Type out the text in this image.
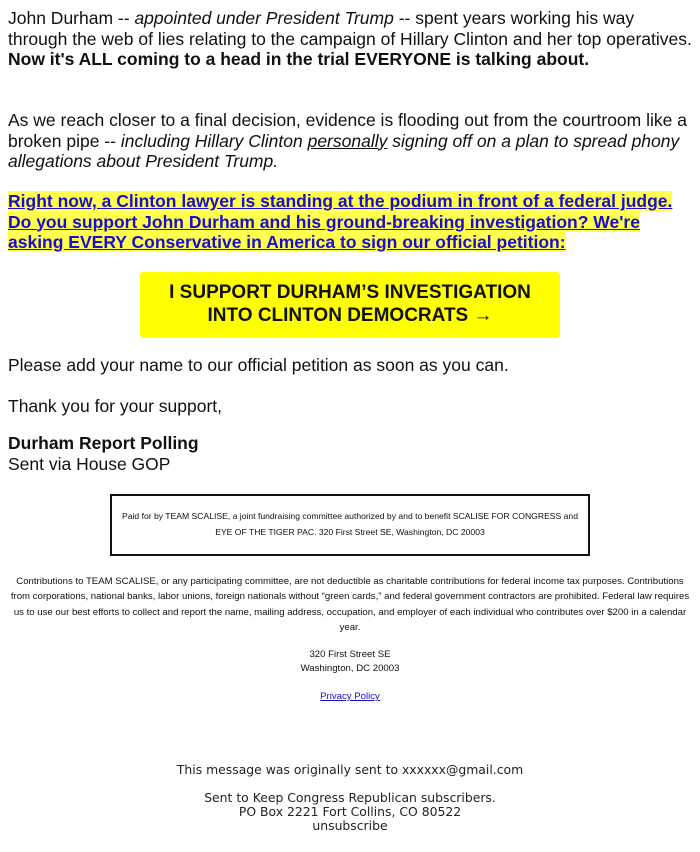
John Durham -- appointed under President Trump -- spent years working his way through the web of lies relating to the campaign of Hillary Clinton and her top operatives. Now it's ALL coming to a head in the trial EVERYONE is talking about.

As we reach closer to a final decision, evidence is flooding out from the courtroom like a broken pipe -- including Hillary Clinton personally signing off on a plan to spread phony allegations about President Trump.

Right now, a Clinton lawyer is standing at the podium in front of a federal judge. Do you support John Durham and his ground-breaking investigation? We're asking EVERY Conservative in America to sign our official petition:

I SUPPORT DURHAM’S INVESTIGATION
INTO CLINTON DEMOCRATS →

Please add your name to our official petition as soon as you can.

Thank you for your support,

Durham Report Polling
Sent via House GOP

Paid for by TEAM SCALISE, a joint fundraising committee authorized by and to benefit SCALISE FOR CONGRESS and EYE OF THE TIGER PAC. 320 First Street SE, Washington, DC 20003

Contributions to TEAM SCALISE, or any participating committee, are not deductible as charitable contributions for federal income tax purposes. Contributions from corporations, national banks, labor unions, foreign nationals without “green cards,” and federal government contractors are prohibited. Federal law requires us to use our best efforts to collect and report the name, mailing address, occupation, and employer of each individual who contributes over $200 in a calendar year.

320 First Street SE
Washington, DC 20003

Privacy Policy

This message was originally sent to xxxxxx@gmail.com

Sent to Keep Congress Republican subscribers.
PO Box 2221 Fort Collins, CO 80522
unsubscribe
